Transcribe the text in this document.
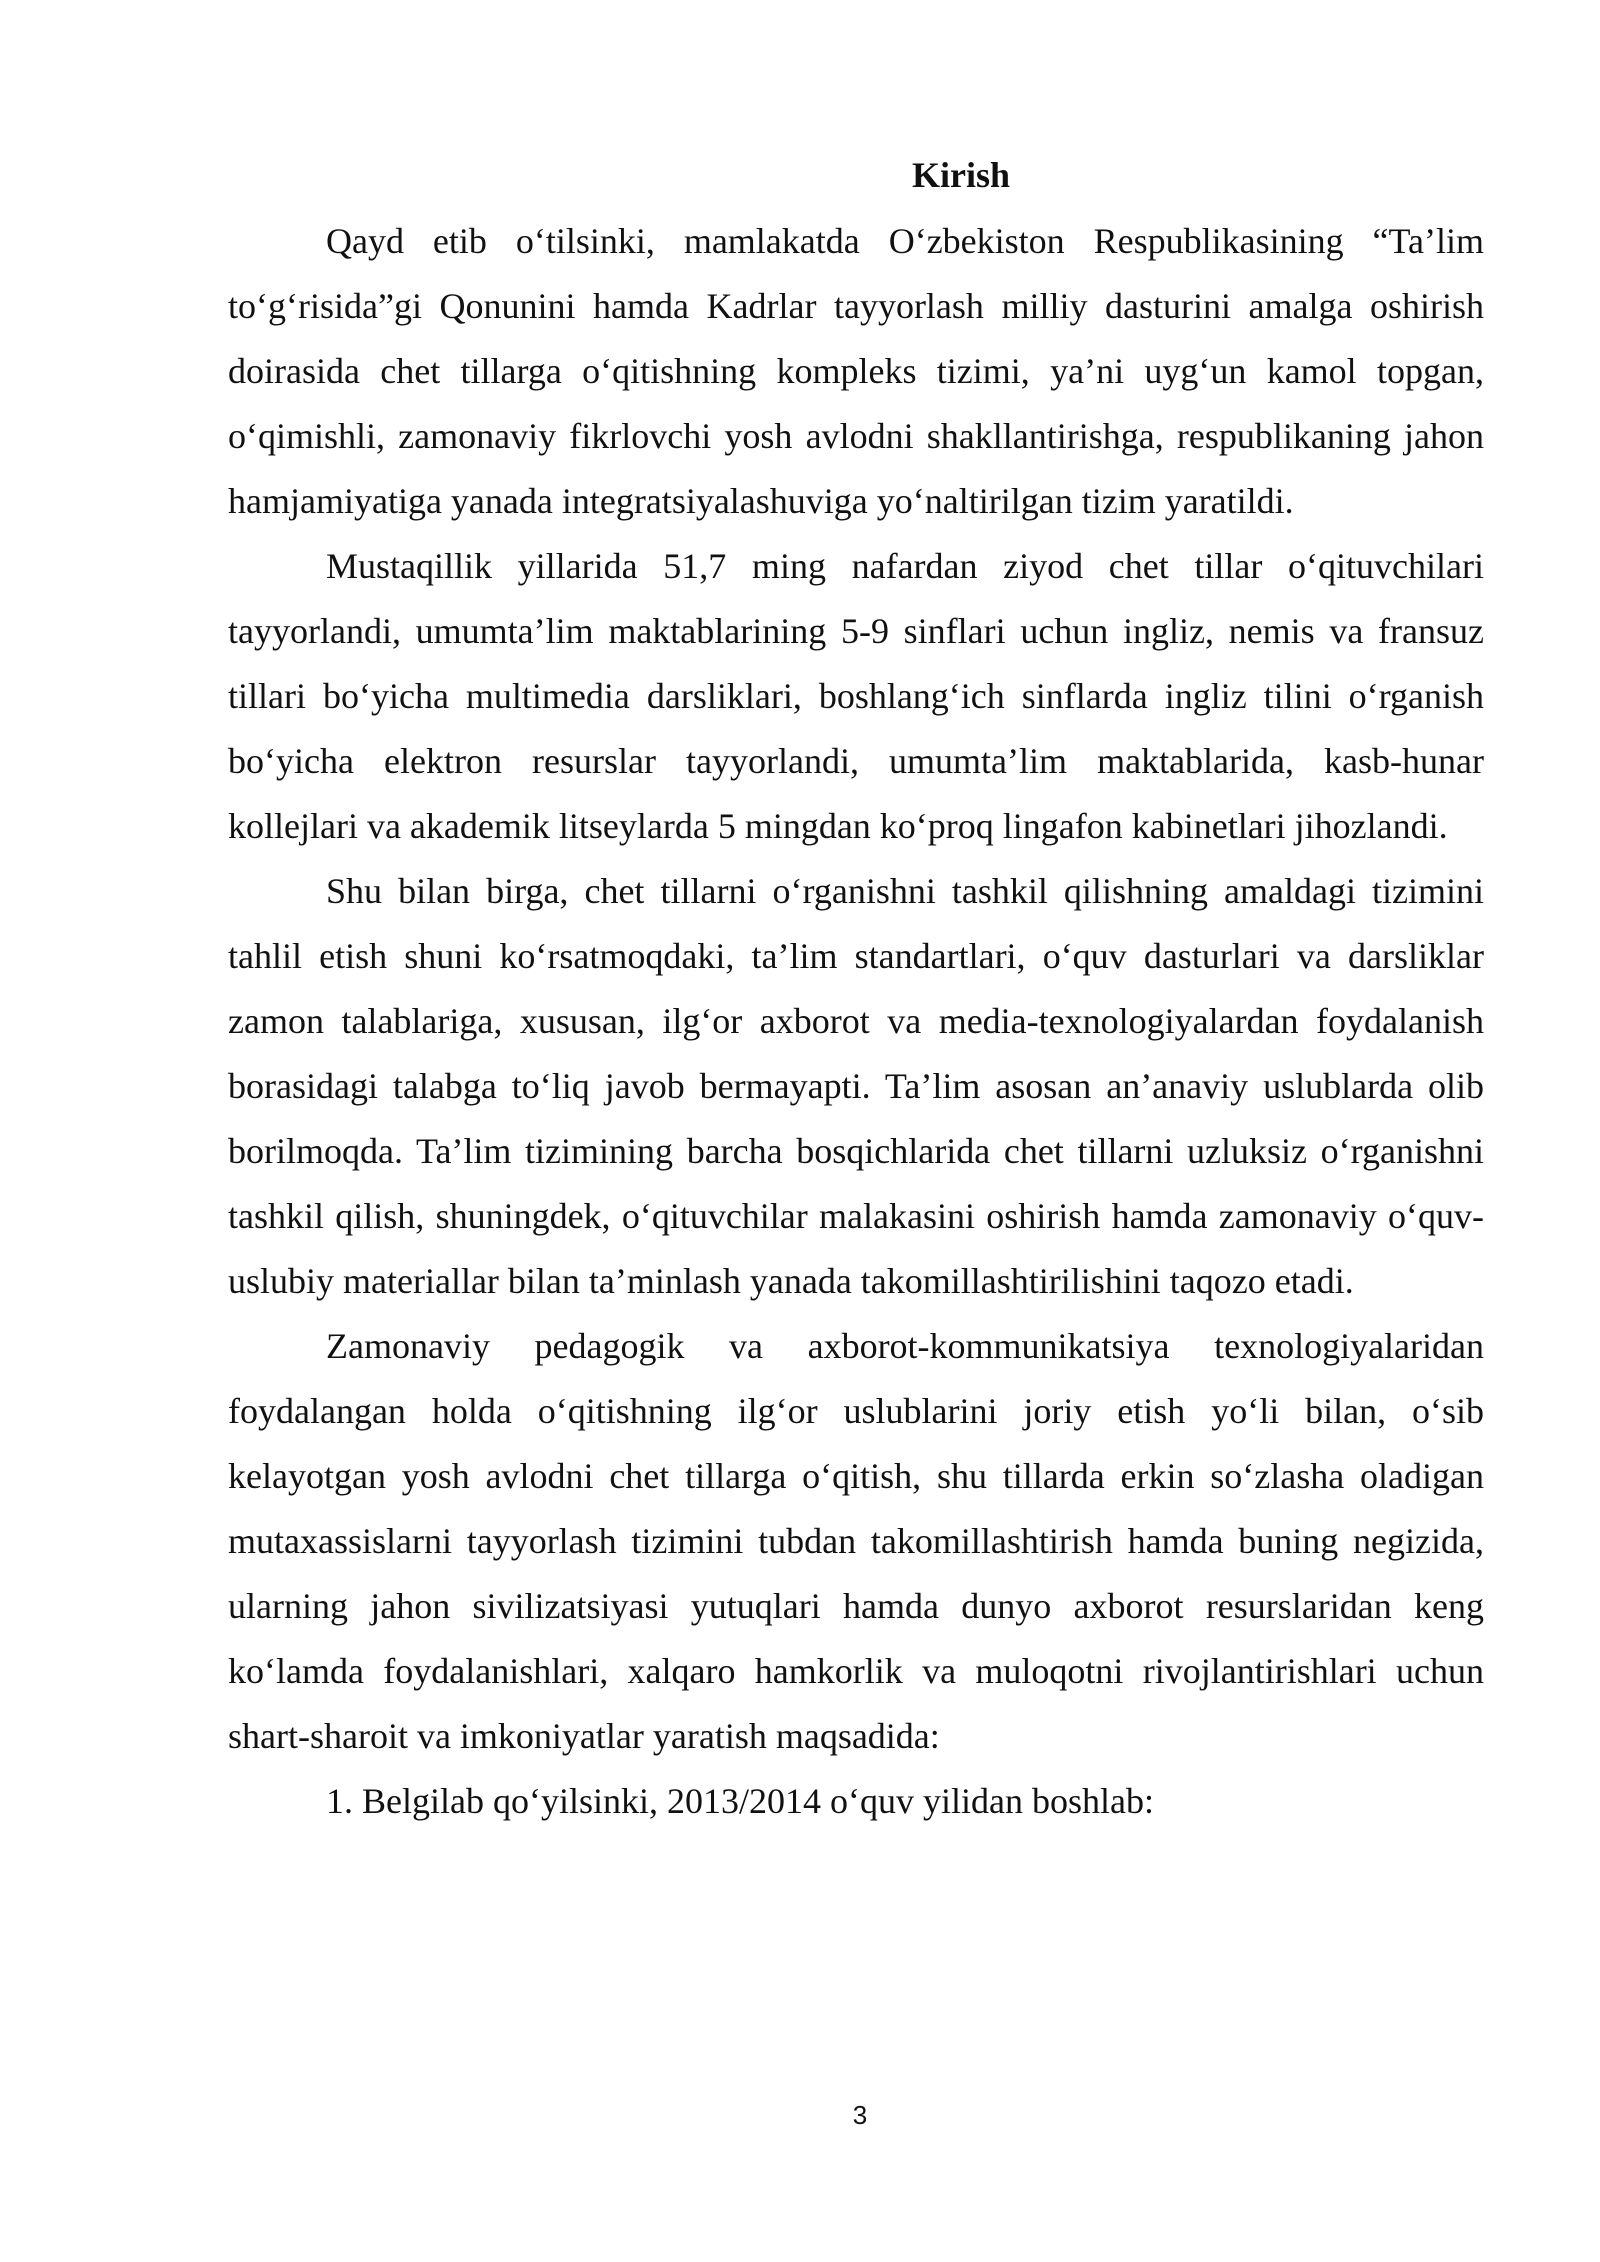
Kirish

Qayd etib o‘tilsinki, mamlakatda O‘zbekiston Respublikasining “Ta’lim to‘g‘risida”gi Qonunini hamda Kadrlar tayyorlash milliy dasturini amalga oshirish doirasida chet tillarga o‘qitishning kompleks tizimi, ya’ni uyg‘un kamol topgan, o‘qimishli, zamonaviy fikrlovchi yosh avlodni shakllantirishga, respublikaning jahon hamjamiyatiga yanada integratsiyalashuviga yo‘naltirilgan tizim yaratildi.

Mustaqillik yillarida 51,7 ming nafardan ziyod chet tillar o‘qituvchilari tayyorlandi, umumta’lim maktablarining 5-9 sinflari uchun ingliz, nemis va fransuz tillari bo‘yicha multimedia darsliklari, boshlang‘ich sinflarda ingliz tilini o‘rganish bo‘yicha elektron resurslar tayyorlandi, umumta’lim maktablarida, kasb-hunar kollejlari va akademik litseylarda 5 mingdan ko‘proq lingafon kabinetlari jihozlandi.

Shu bilan birga, chet tillarni o‘rganishni tashkil qilishning amaldagi tizimini tahlil etish shuni ko‘rsatmoqdaki, ta’lim standartlari, o‘quv dasturlari va darsliklar zamon talablariga, xususan, ilg‘or axborot va media-texnologiyalardan foydalanish borasidagi talabga to‘liq javob bermayapti. Ta’lim asosan an’anaviy uslublarda olib borilmoqda. Ta’lim tizimining barcha bosqichlarida chet tillarni uzluksiz o‘rganishni tashkil qilish, shuningdek, o‘qituvchilar malakasini oshirish hamda zamonaviy o‘quv-uslubiy materiallar bilan ta’minlash yanada takomillashtirilishini taqozo etadi.

Zamonaviy pedagogik va axborot-kommunikatsiya texnologiyalaridan foydalangan holda o‘qitishning ilg‘or uslublarini joriy etish yo‘li bilan, o‘sib kelayotgan yosh avlodni chet tillarga o‘qitish, shu tillarda erkin so‘zlasha oladigan mutaxassislarni tayyorlash tizimini tubdan takomillashtirish hamda buning negizida, ularning jahon sivilizatsiyasi yutuqlari hamda dunyo axborot resurslaridan keng ko‘lamda foydalanishlari, xalqaro hamkorlik va muloqotni rivojlantirishlari uchun shart-sharoit va imkoniyatlar yaratish maqsadida:

1. Belgilab qo‘yilsinki, 2013/2014 o‘quv yilidan boshlab:

3
